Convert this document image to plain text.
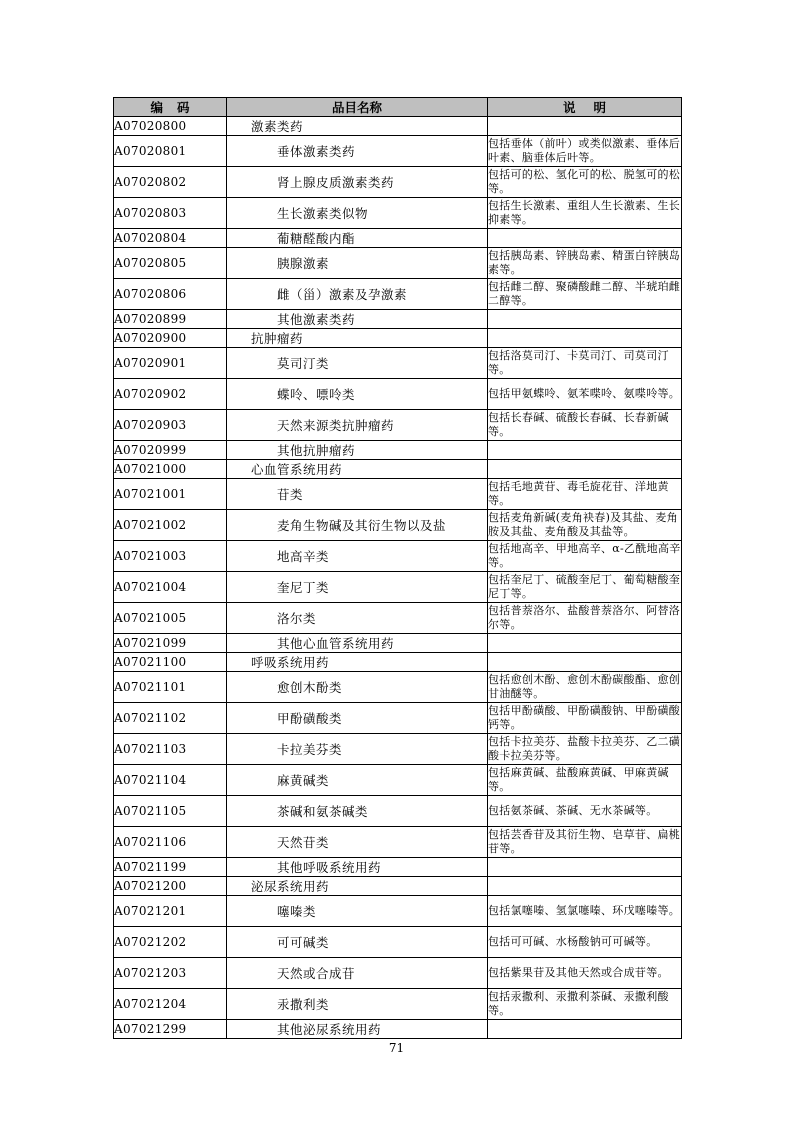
编码	品目名称	说明
A07020800	激素类药	
A07020801	垂体激素类药	包括垂体（前叶）或类似激素、垂体后叶素、脑垂体后叶等。
A07020802	肾上腺皮质激素类药	包括可的松、氢化可的松、脱氢可的松等。
A07020803	生长激素类似物	包括生长激素、重组人生长激素、生长抑素等。
A07020804	葡糖醛酸内酯	
A07020805	胰腺激素	包括胰岛素、锌胰岛素、精蛋白锌胰岛素等。
A07020806	雌（甾）激素及孕激素	包括雌二醇、聚磷酸雌二醇、半琥珀雌二醇等。
A07020899	其他激素类药	
A07020900	抗肿瘤药	
A07020901	莫司汀类	包括洛莫司汀、卡莫司汀、司莫司汀等。
A07020902	蝶呤、嘌呤类	包括甲氨蝶呤、氨苯喋呤、氨喋呤等。
A07020903	天然来源类抗肿瘤药	包括长春碱、硫酸长春碱、长春新碱等。
A07020999	其他抗肿瘤药	
A07021000	心血管系统用药	
A07021001	苷类	包括毛地黄苷、毒毛旋花苷、洋地黄等。
A07021002	麦角生物碱及其衍生物以及盐	包括麦角新碱(麦角袂春)及其盐、麦角胺及其盐、麦角酸及其盐等。
A07021003	地高辛类	包括地高辛、甲地高辛、α-乙酰地高辛等。
A07021004	奎尼丁类	包括奎尼丁、硫酸奎尼丁、葡萄糖酸奎尼丁等。
A07021005	洛尔类	包括普萘洛尔、盐酸普萘洛尔、阿替洛尔等。
A07021099	其他心血管系统用药	
A07021100	呼吸系统用药	
A07021101	愈创木酚类	包括愈创木酚、愈创木酚碳酸酯、愈创甘油醚等。
A07021102	甲酚磺酸类	包括甲酚磺酸、甲酚磺酸钠、甲酚磺酸钙等。
A07021103	卡拉美芬类	包括卡拉美芬、盐酸卡拉美芬、乙二磺酸卡拉美芬等。
A07021104	麻黄碱类	包括麻黄碱、盐酸麻黄碱、甲麻黄碱等。
A07021105	茶碱和氨茶碱类	包括氨茶碱、茶碱、无水茶碱等。
A07021106	天然苷类	包括芸香苷及其衍生物、皂草苷、扁桃苷等。
A07021199	其他呼吸系统用药	
A07021200	泌尿系统用药	
A07021201	噻嗪类	包括氯噻嗪、氢氯噻嗪、环戊噻嗪等。
A07021202	可可碱类	包括可可碱、水杨酸钠可可碱等。
A07021203	天然或合成苷	包括紫果苷及其他天然或合成苷等。
A07021204	汞撒利类	包括汞撒利、汞撒利茶碱、汞撒利酸等。
A07021299	其他泌尿系统用药	
71
